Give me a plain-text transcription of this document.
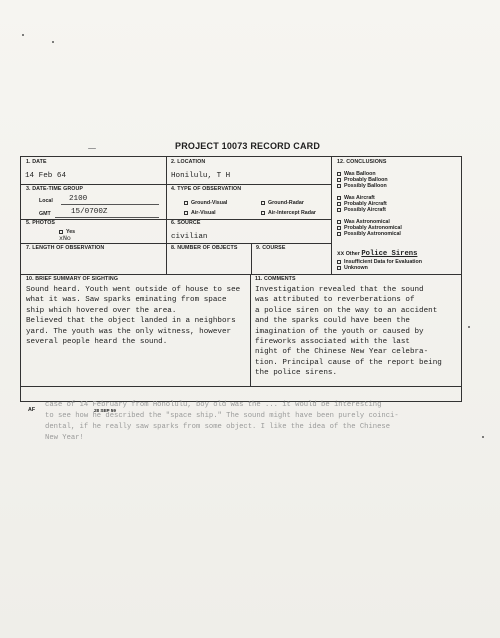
PROJECT 10073 RECORD CARD
1. DATE
14 Feb 64
2. LOCATION
Honilulu, T H
3. DATE-TIME GROUP
Local 2100
GMT	15/0700Z
4. TYPE OF OBSERVATION
Ground-Visual	Ground-Radar
Air-Visual	Air-Intercept Radar
5. PHOTOS
Yes
xNo
6. SOURCE
civilian
7. LENGTH OF OBSERVATION	8. NUMBER OF OBJECTS	9. COURSE
12. CONCLUSIONS
Was Balloon
Probably Balloon
Possibly Balloon
Was Aircraft
Probably Aircraft
Possibly Aircraft
Was Astronomical
Probably Astronomical
Possibly Astronomical
xx Other Police Sirens
Insufficient Data for Evaluation
Unknown
10. BRIEF SUMMARY OF SIGHTING
Sound heard. Youth went outside of house to see
what it was. Saw sparks eminating from space
ship which hovered over the area.
Believed that the object landed in a neighbors
yard. The youth was the only witness, however
several people heard the sound.
11. COMMENTS
Investigation revealed that the sound
was attributed to reverberations of
a police siren on the way to an accident
and the sparks could have been the
imagination of the youth or caused by
fireworks associated with the last
night of the Chinese New Year celebra-
tion. Principal cause of the report being
the police sirens.
case of 14 February from Honolulu, boy old was the ... it would be interesting
to see how he described the "space ship." The sound might have been purely coinci-
dental, if he really saw sparks from some object. I like the idea of the Chinese
New Year!
AF	28 SEP 59
